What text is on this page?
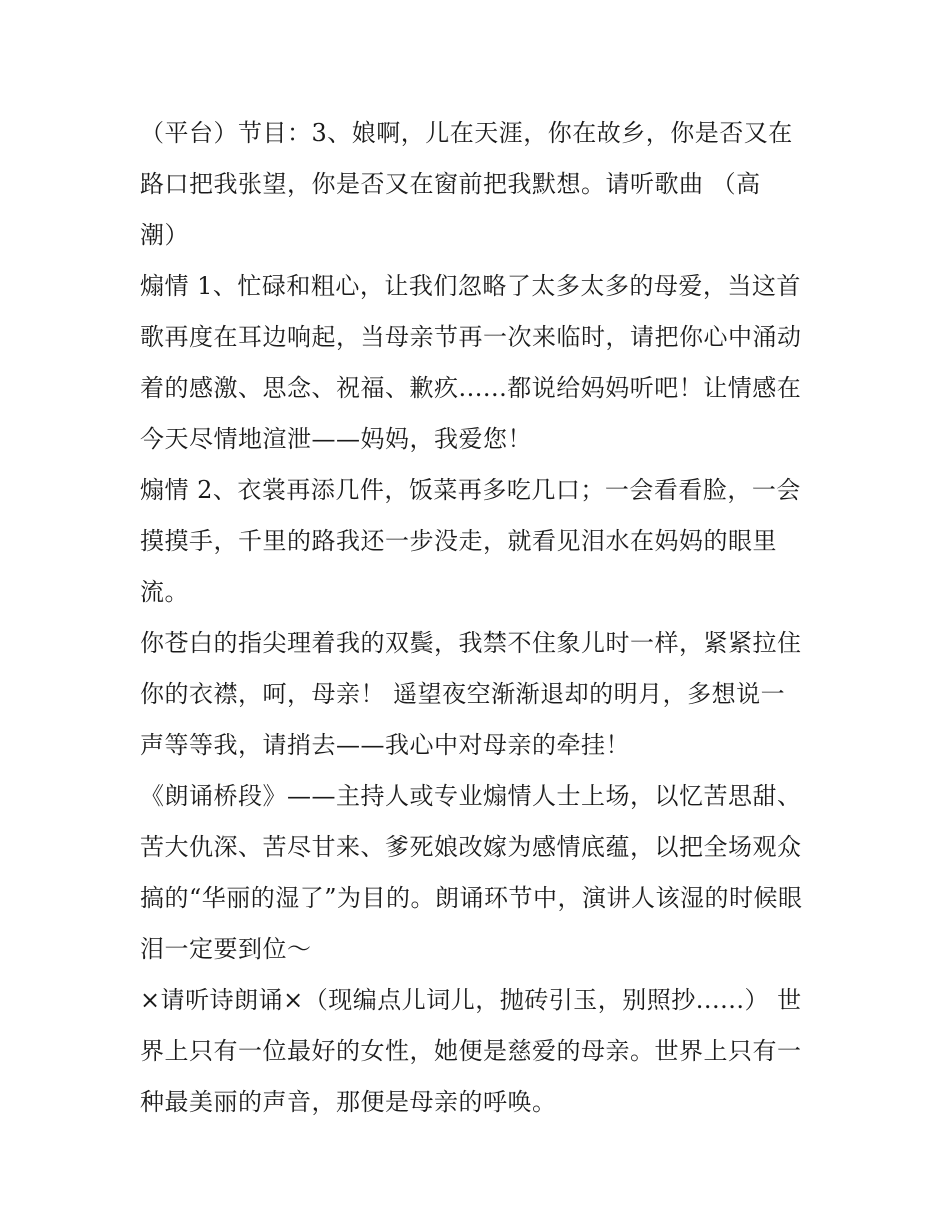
（平台）节目：3、娘啊，儿在天涯，你在故乡，你是否又在
路口把我张望，你是否又在窗前把我默想。请听歌曲 （高
潮）
煽情 1、忙碌和粗心，让我们忽略了太多太多的母爱，当这首
歌再度在耳边响起，当母亲节再一次来临时，请把你心中涌动
着的感激、思念、祝福、歉疚......都说给妈妈听吧！让情感在
今天尽情地渲泄——妈妈，我爱您！
煽情 2、衣裳再添几件，饭菜再多吃几口；一会看看脸，一会
摸摸手，千里的路我还一步没走，就看见泪水在妈妈的眼里
流。
你苍白的指尖理着我的双鬓，我禁不住象儿时一样，紧紧拉住
你的衣襟，呵，母亲！ 遥望夜空渐渐退却的明月，多想说一
声等等我，请捎去——我心中对母亲的牵挂！
《朗诵桥段》——主持人或专业煽情人士上场，以忆苦思甜、
苦大仇深、苦尽甘来、爹死娘改嫁为感情底蕴，以把全场观众
搞的“华丽的湿了”为目的。朗诵环节中，演讲人该湿的时候眼
泪一定要到位～
×请听诗朗诵×（现编点儿词儿，抛砖引玉，别照抄......） 世
界上只有一位最好的女性，她便是慈爱的母亲。世界上只有一
种最美丽的声音，那便是母亲的呼唤。
